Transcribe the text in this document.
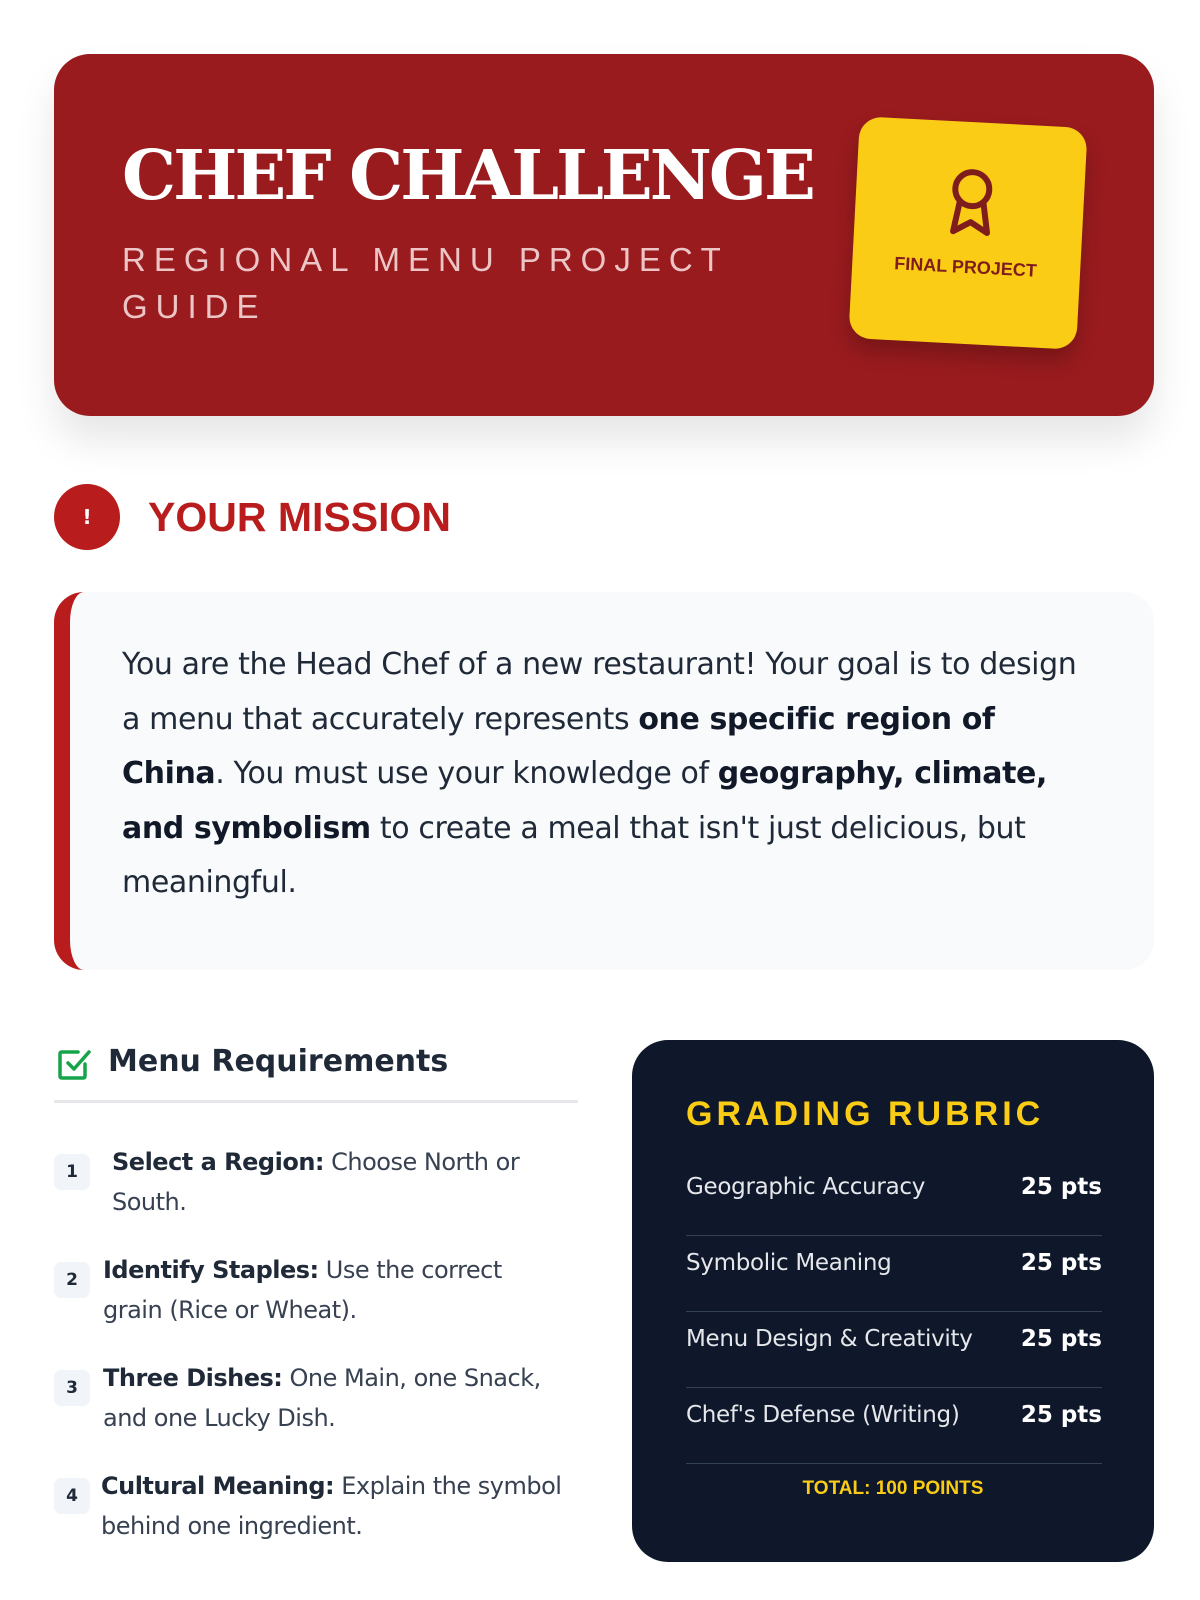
CHEF CHALLENGE
REGIONAL MENU PROJECT GUIDE
FINAL PROJECT
!	YOUR MISSION

You are the Head Chef of a new restaurant! Your goal is to design a menu that accurately represents one specific region of China. You must use your knowledge of geography, climate, and symbolism to create a meal that isn't just delicious, but meaningful.

Menu Requirements
1	Select a Region: Choose North or South.

2	Identify Staples: Use the correct grain (Rice or Wheat).

3	Three Dishes: One Main, one Snack, and one Lucky Dish.

4 Cultural Meaning: Explain the symbol behind one ingredient.

GRADING RUBRIC
Geographic Accuracy	25 pts
Symbolic Meaning	25 pts
Menu Design & Creativity 25 pts
Chef's Defense (Writing)	25 pts
TOTAL: 100 POINTS
